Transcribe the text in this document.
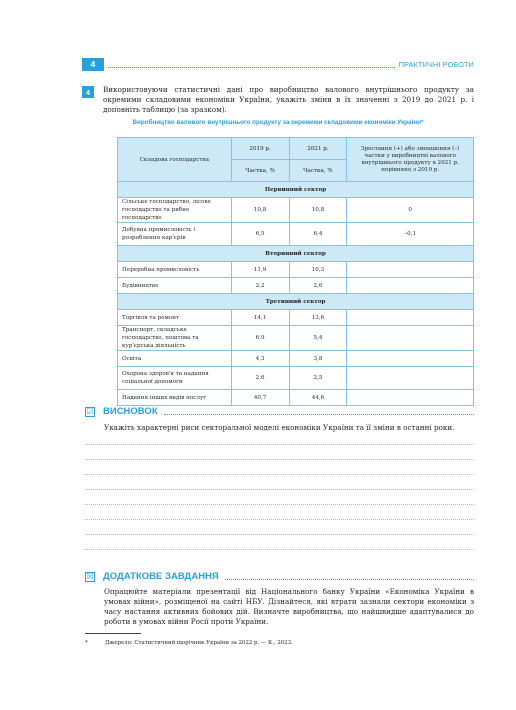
4	ПРАКТИЧНІ РОБОТИ
4	Використовуючи статистичні дані про виробництво валового внутрішнього продукту за окремими складовими економіки України, укажіть зміни в їх значенні з 2019 до 2021 р. і доповніть таблицю (за зразком).

Виробництво валового внутрішнього продукту за окремими складовими економіки України*
Складова господарства	2019 р.	2021 р.	Зростання (+) або зменшення (–) частки у виробництві валового внутрішнього продукту в 2021 р. порівняно з 2019 р.
	Частка, %	Частка, %	
Первинний сектор			
Сільське господарство, лісове господарство та рибне господарство	10,8	10,8	0
Добувна промисловість і розроблення кар'єрів	6,5	6,4	–0,1
Вторинний сектор			
Переробна промисловість	11,9	10,3	
Будівництво	2,2	2,6	
Третинний сектор			
Торгівля та ремонт	14,1	13,6	
Транспорт, складське господарство, поштова та кур'єрська діяльність	6,9	5,4	
Освіта	4,3	3,8	
Охорона здоров'я та надання соціальної допомоги	2,6	2,5	
Надання інших видів послуг	40,7	44,6	
☑ ВИСНОВОК

Укажіть характерні риси секторальної моделі економіки України та її зміни в останні роки.

☒ ДОДАТКОВЕ ЗАВДАННЯ

Опрацюйте матеріали презентації від Національного банку України «Економіка України в умовах війни», розміщеної на сайті НБУ. Дізнайтеся, які втрати зазнали сектори економіки з часу настання активних бойових дій. Визначте виробництва, що найшвидше адаптувалися до роботи в умовах війни Росії проти України.

*	Джерело: Статистичний щорічник України за 2022 р. — К., 2023.
